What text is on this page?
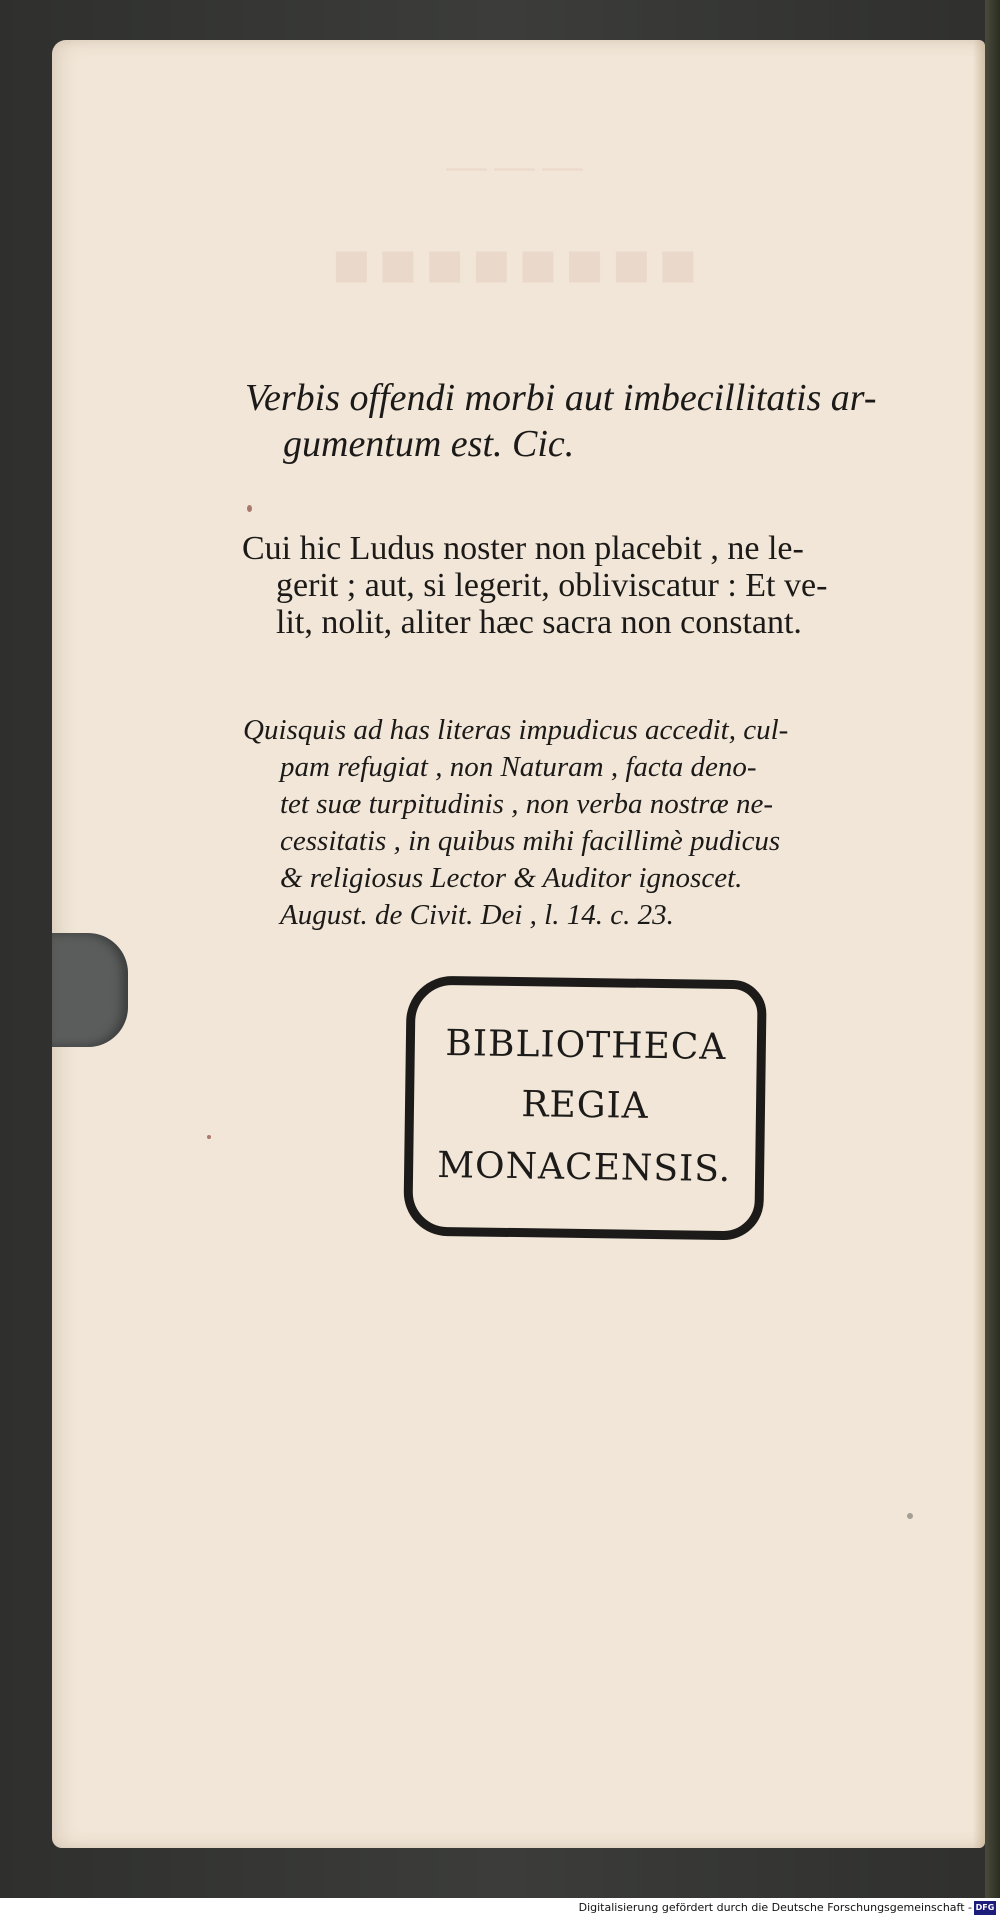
———
■■■■■■■■
Verbis offendi morbi aut imbecillitatis ar-
gumentum est. Cic.
Cui hic Ludus noster non placebit , ne le-
gerit ; aut, si legerit, obliviscatur : Et ve-
lit, nolit, aliter hæc sacra non constant.
Quisquis ad has literas impudicus accedit, cul-
pam refugiat , non Naturam , facta deno-
tet suæ turpitudinis , non verba nostræ ne-
cessitatis , in quibus mihi facillimè pudicus
& religiosus Lector & Auditor ignoscet.
August. de Civit. Dei , l. 14. c. 23.
BIBLIOTHECA
REGIA
MONACENSIS.
Digitalisierung gefördert durch die Deutsche Forschungsgemeinschaft - DFG
